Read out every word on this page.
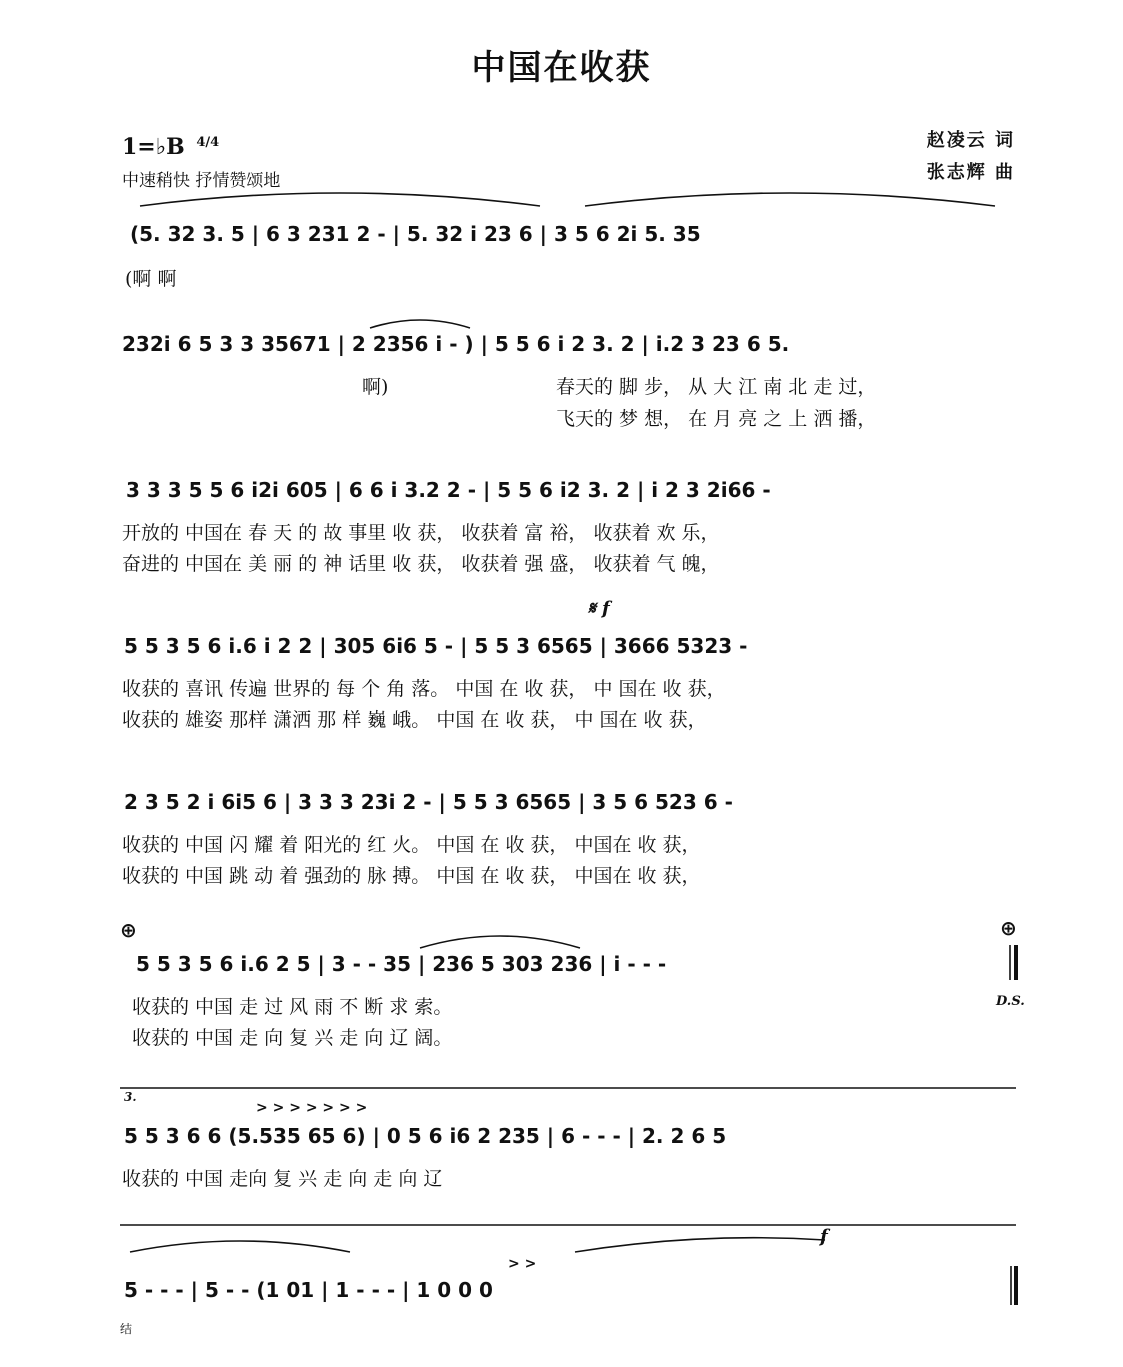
中国在收获
1=♭B $^{4/4}$
中速稍快 抒情赞颂地
赵凌云 词
张志辉 曲
(5. 32 3. 5 | 6 3 231 2 - | 5. 32 i 23 6 | 3 5 6 2i 5. 35
(啊 啊
232i 6 5 3 3 35671 | 2 2356 i - ) | 5 5 6 i 2 3. 2 | i.2 3 23 6 5.
啊)	春天的 脚 步， 从 大 江 南 北 走 过，
飞天的 梦 想， 在 月 亮 之 上 洒 播，
3 3 3 5 5 6 i2i 605 | 6 6 i 3.2 2 - | 5 5 6 i2 3. 2 | i 2 3 2i66 -
开放的 中国在 春 天 的 故 事里 收 获， 收获着 富 裕， 收获着 欢 乐，
奋进的 中国在 美 丽 的 神 话里 收 获， 收获着 强 盛， 收获着 气 魄，
𝄋 f
5 5 3 5 6 i.6 i 2 2 | 305 6i6 5 - | 5 5 3 6565 | 3666 5323 -
收获的 喜讯 传遍 世界的 每 个 角 落。 中国 在 收 获， 中 国在 收 获，
收获的 雄姿 那样 潇洒 那 样 巍 峨。 中国 在 收 获， 中 国在 收 获，
2 3 5 2 i 6i5 6 | 3 3 3 23i 2 - | 5 5 3 6565 | 3 5 6 523 6 -
收获的 中国 闪 耀 着 阳光的 红 火。 中国 在 收 获， 中国在 收 获，
收获的 中国 跳 动 着 强劲的 脉 搏。 中国 在 收 获， 中国在 收 获，
⊕	⊕
5 5 3 5 6 i.6 2 5 | 3 - - 35 | 236 5 303 236 | i - - -
收获的 中国 走 过 风 雨 不 断 求 索。
收获的 中国 走 向 复 兴 走 向 辽 阔。
D.S.
3.
> > > > > > >
5 5 3 6 6 (5.535 65 6) | 0 5 6 i6 2 235 | 6 - - - | 2. 2 6 5
收获的 中国 走向 复 兴 走 向 走 向 辽
f
> >
5 - - - | 5 - - (1 01 | 1 - - - | 1 0 0 0
结
